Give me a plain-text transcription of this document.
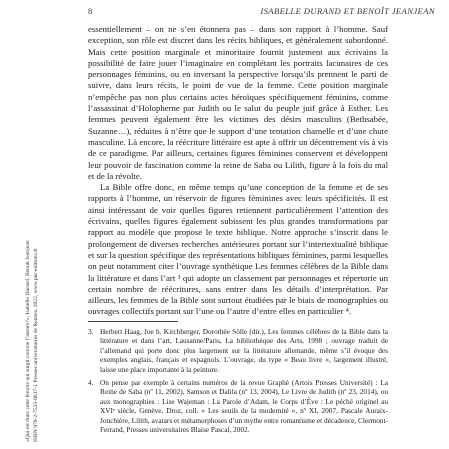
8	ISABELLE DURAND ET BENOÎT JEANJEAN
«Qui est donc cette femme qui surgit comme l’aurore?», Isabelle Durand, Benoît Jeanjean ISBN 978-2-7535-8617-1 Presses universitaires de Rennes, 2022, www.pur-editions.fr

essentiellement – on ne s’en étonnera pas – dans son rapport à l’homme. Sauf exception, son rôle est discret dans les récits bibliques, et généralement subordonné. Mais cette position marginale et minoritaire fournit justement aux écrivains la possibilité de faire jouer l’imaginaire en complétant les portraits lacunaires de ces personnages féminins, ou en inversant la perspective lorsqu’ils prennent le parti de suivre, dans leurs récits, le point de vue de la femme. Cette position marginale n’empêche pas non plus certains actes héroïques spécifiquement féminins, comme l’assassinat d’Holopherne par Judith ou le salut du peuple juif grâce à Esther. Les femmes peuvent également être les victimes des désirs masculins (Bethsabée, Suzanne…), réduites à n’être que le support d’une tentation charnelle et d’une chute masculine. Là encore, la réécriture littéraire est apte à offrir un décentrement vis à vis de ce paradigme. Par ailleurs, certaines figures féminines conservent et développent leur pouvoir de fascination comme la reine de Saba ou Lilith, figure à la fois du mal et de la révolte.

La Bible offre donc, en même temps qu’une conception de la femme et de ses rapports à l’homme, un réservoir de figures féminines avec leurs spécificités. Il est ainsi intéressant de voir quelles figures retiennent particulièrement l’attention des écrivains, quelles figures également subissent les plus grandes transformations par rapport au modèle que propose le texte biblique. Notre approche s’inscrit dans le prolongement de diverses recherches antérieures portant sur l’intertextualité biblique et sur la question spécifique des représentations bibliques féminines, parmi lesquelles on peut notamment citer l’ouvrage synthétique Les femmes célèbres de la Bible dans la littérature et dans l’art ³ qui adopte un classement par personnages et répertorie un certain nombre de réécritures, sans entrer dans les détails d’interprétation. Par ailleurs, les femmes de la Bible sont surtout étudiées par le biais de monographies ou ouvrages collectifs portant sur l’une ou l’autre d’entre elles en particulier ⁴.

3. Herbert Haag, Joe h. Kirchberger, Dorothée Sölle (dir.), Les femmes célèbres de la Bible dans la littérature et dans l’art, Lausanne/Paris, La bibliothèque des Arts, 1998 ; ouvrage traduit de l’allemand qui porte donc plus largement sur la littérature allemande, même s’il évoque des exemples anglais, français et espagnols. L’ouvrage, du type « Beau livre », largement illustré, laisse une place importante à la peinture.
4. On pense par exemple à certains numéros de la revue Graphè (Artois Presses Université) : La Reine de Saba (nº 11, 2002), Samson et Dalila (nº 13, 2004), Le Livre de Judith (nº 23, 2014), ou aux monographies : Lise Wajeman : La Parole d’Adam, le Corps d’Ève : Le péché originel au XVIᵉ siècle, Genève, Droz, coll. « Les seuils de la modernité », nº XI, 2007, Pascale Auraix-Jonchière, Lilith, avatars et métamorphoses d’un mythe entre romantisme et décadence, Clermont-Ferrand, Presses universitaires Blaise Pascal, 2002.
